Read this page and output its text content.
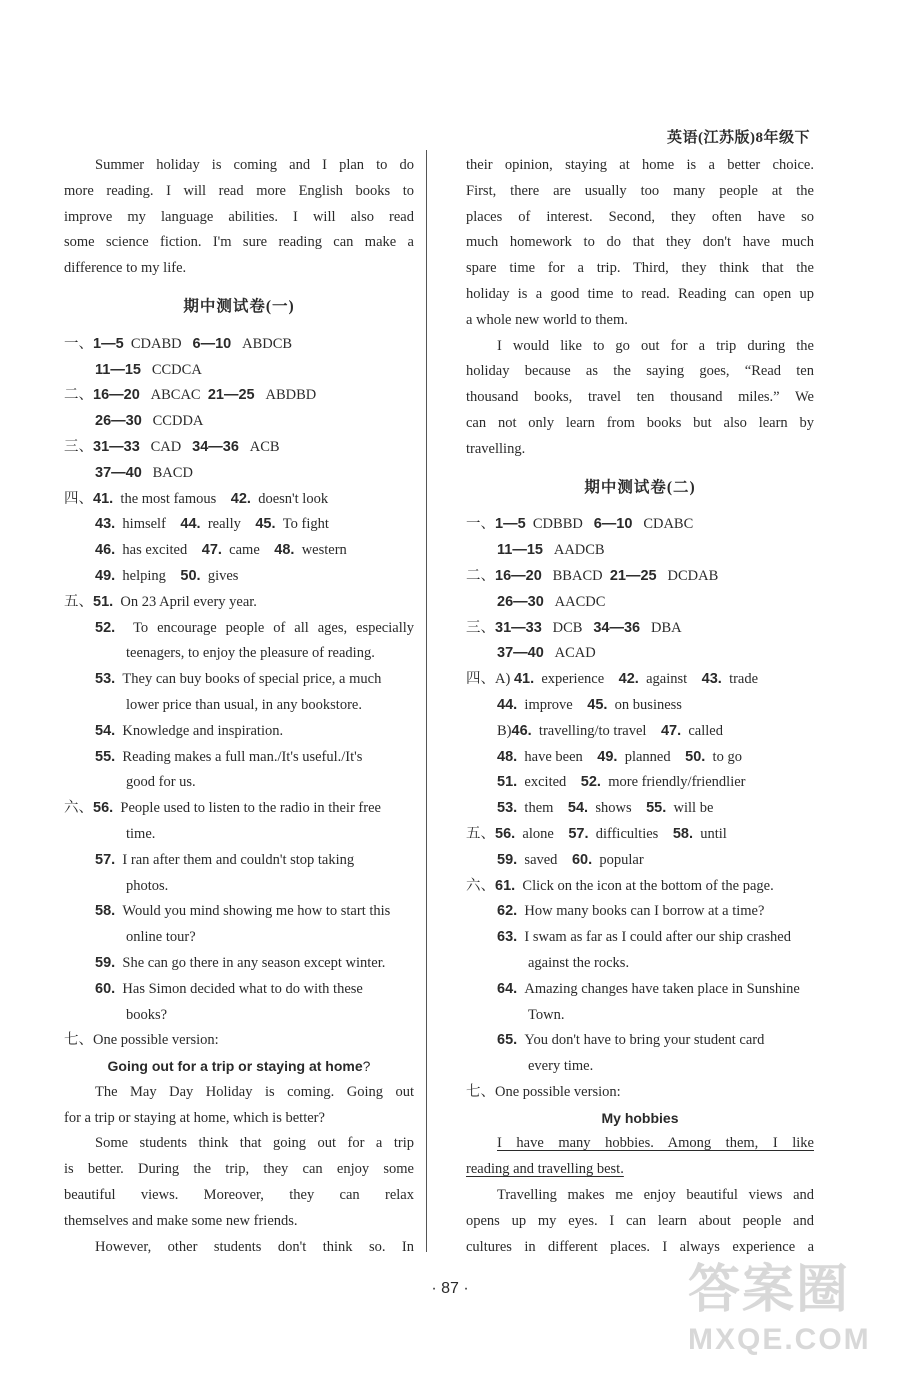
英语(江苏版)8年级下
Summer holiday is coming and I plan to do
more reading. I will read more English books to
improve my language abilities. I will also read
some science fiction. I'm sure reading can make a
difference to my life.
期中测试卷(一)
一、1—5 CDABD 6—10 ABDCB
11—15 CCDCA
二、16—20 ABCAC 21—25 ABDBD
26—30 CCDDA
三、31—33 CAD 34—36 ACB
37—40 BACD
四、41. the most famous 42. doesn't look
43. himself 44. really 45. To fight
46. has excited 47. came 48. western
49. helping 50. gives
五、51. On 23 April every year.
52. To encourage people of all ages, especially
teenagers, to enjoy the pleasure of reading.
53. They can buy books of special price, a much
lower price than usual, in any bookstore.
54. Knowledge and inspiration.
55. Reading makes a full man./It's useful./It's
good for us.
六、56. People used to listen to the radio in their free
time.
57. I ran after them and couldn't stop taking
photos.
58. Would you mind showing me how to start this
online tour?
59. She can go there in any season except winter.
60. Has Simon decided what to do with these
books?
七、One possible version:
Going out for a trip or staying at home?
The May Day Holiday is coming. Going out
for a trip or staying at home, which is better?
Some students think that going out for a trip
is better. During the trip, they can enjoy some
beautiful views. Moreover, they can relax
themselves and make some new friends.
However, other students don't think so. In
their opinion, staying at home is a better choice.
First, there are usually too many people at the
places of interest. Second, they often have so
much homework to do that they don't have much
spare time for a trip. Third, they think that the
holiday is a good time to read. Reading can open up
a whole new world to them.
I would like to go out for a trip during the
holiday because as the saying goes, “Read ten
thousand books, travel ten thousand miles.” We
can not only learn from books but also learn by
travelling.
期中测试卷(二)
一、1—5 CDBBD 6—10 CDABC
11—15 AADCB
二、16—20 BBACD 21—25 DCDAB
26—30 AACDC
三、31—33 DCB 34—36 DBA
37—40 ACAD
四、A) 41. experience 42. against 43. trade
44. improve 45. on business
B)46. travelling/to travel 47. called
48. have been 49. planned 50. to go
51. excited 52. more friendly/friendlier
53. them 54. shows 55. will be
五、56. alone 57. difficulties 58. until
59. saved 60. popular
六、61. Click on the icon at the bottom of the page.
62. How many books can I borrow at a time?
63. I swam as far as I could after our ship crashed
against the rocks.
64. Amazing changes have taken place in Sunshine
Town.
65. You don't have to bring your student card
every time.
七、One possible version:
My hobbies
I have many hobbies. Among them, I like
reading and travelling best.
Travelling makes me enjoy beautiful views and
opens up my eyes. I can learn about people and
cultures in different places. I always experience a
· 87 ·	答案圈
MXQE.COM
